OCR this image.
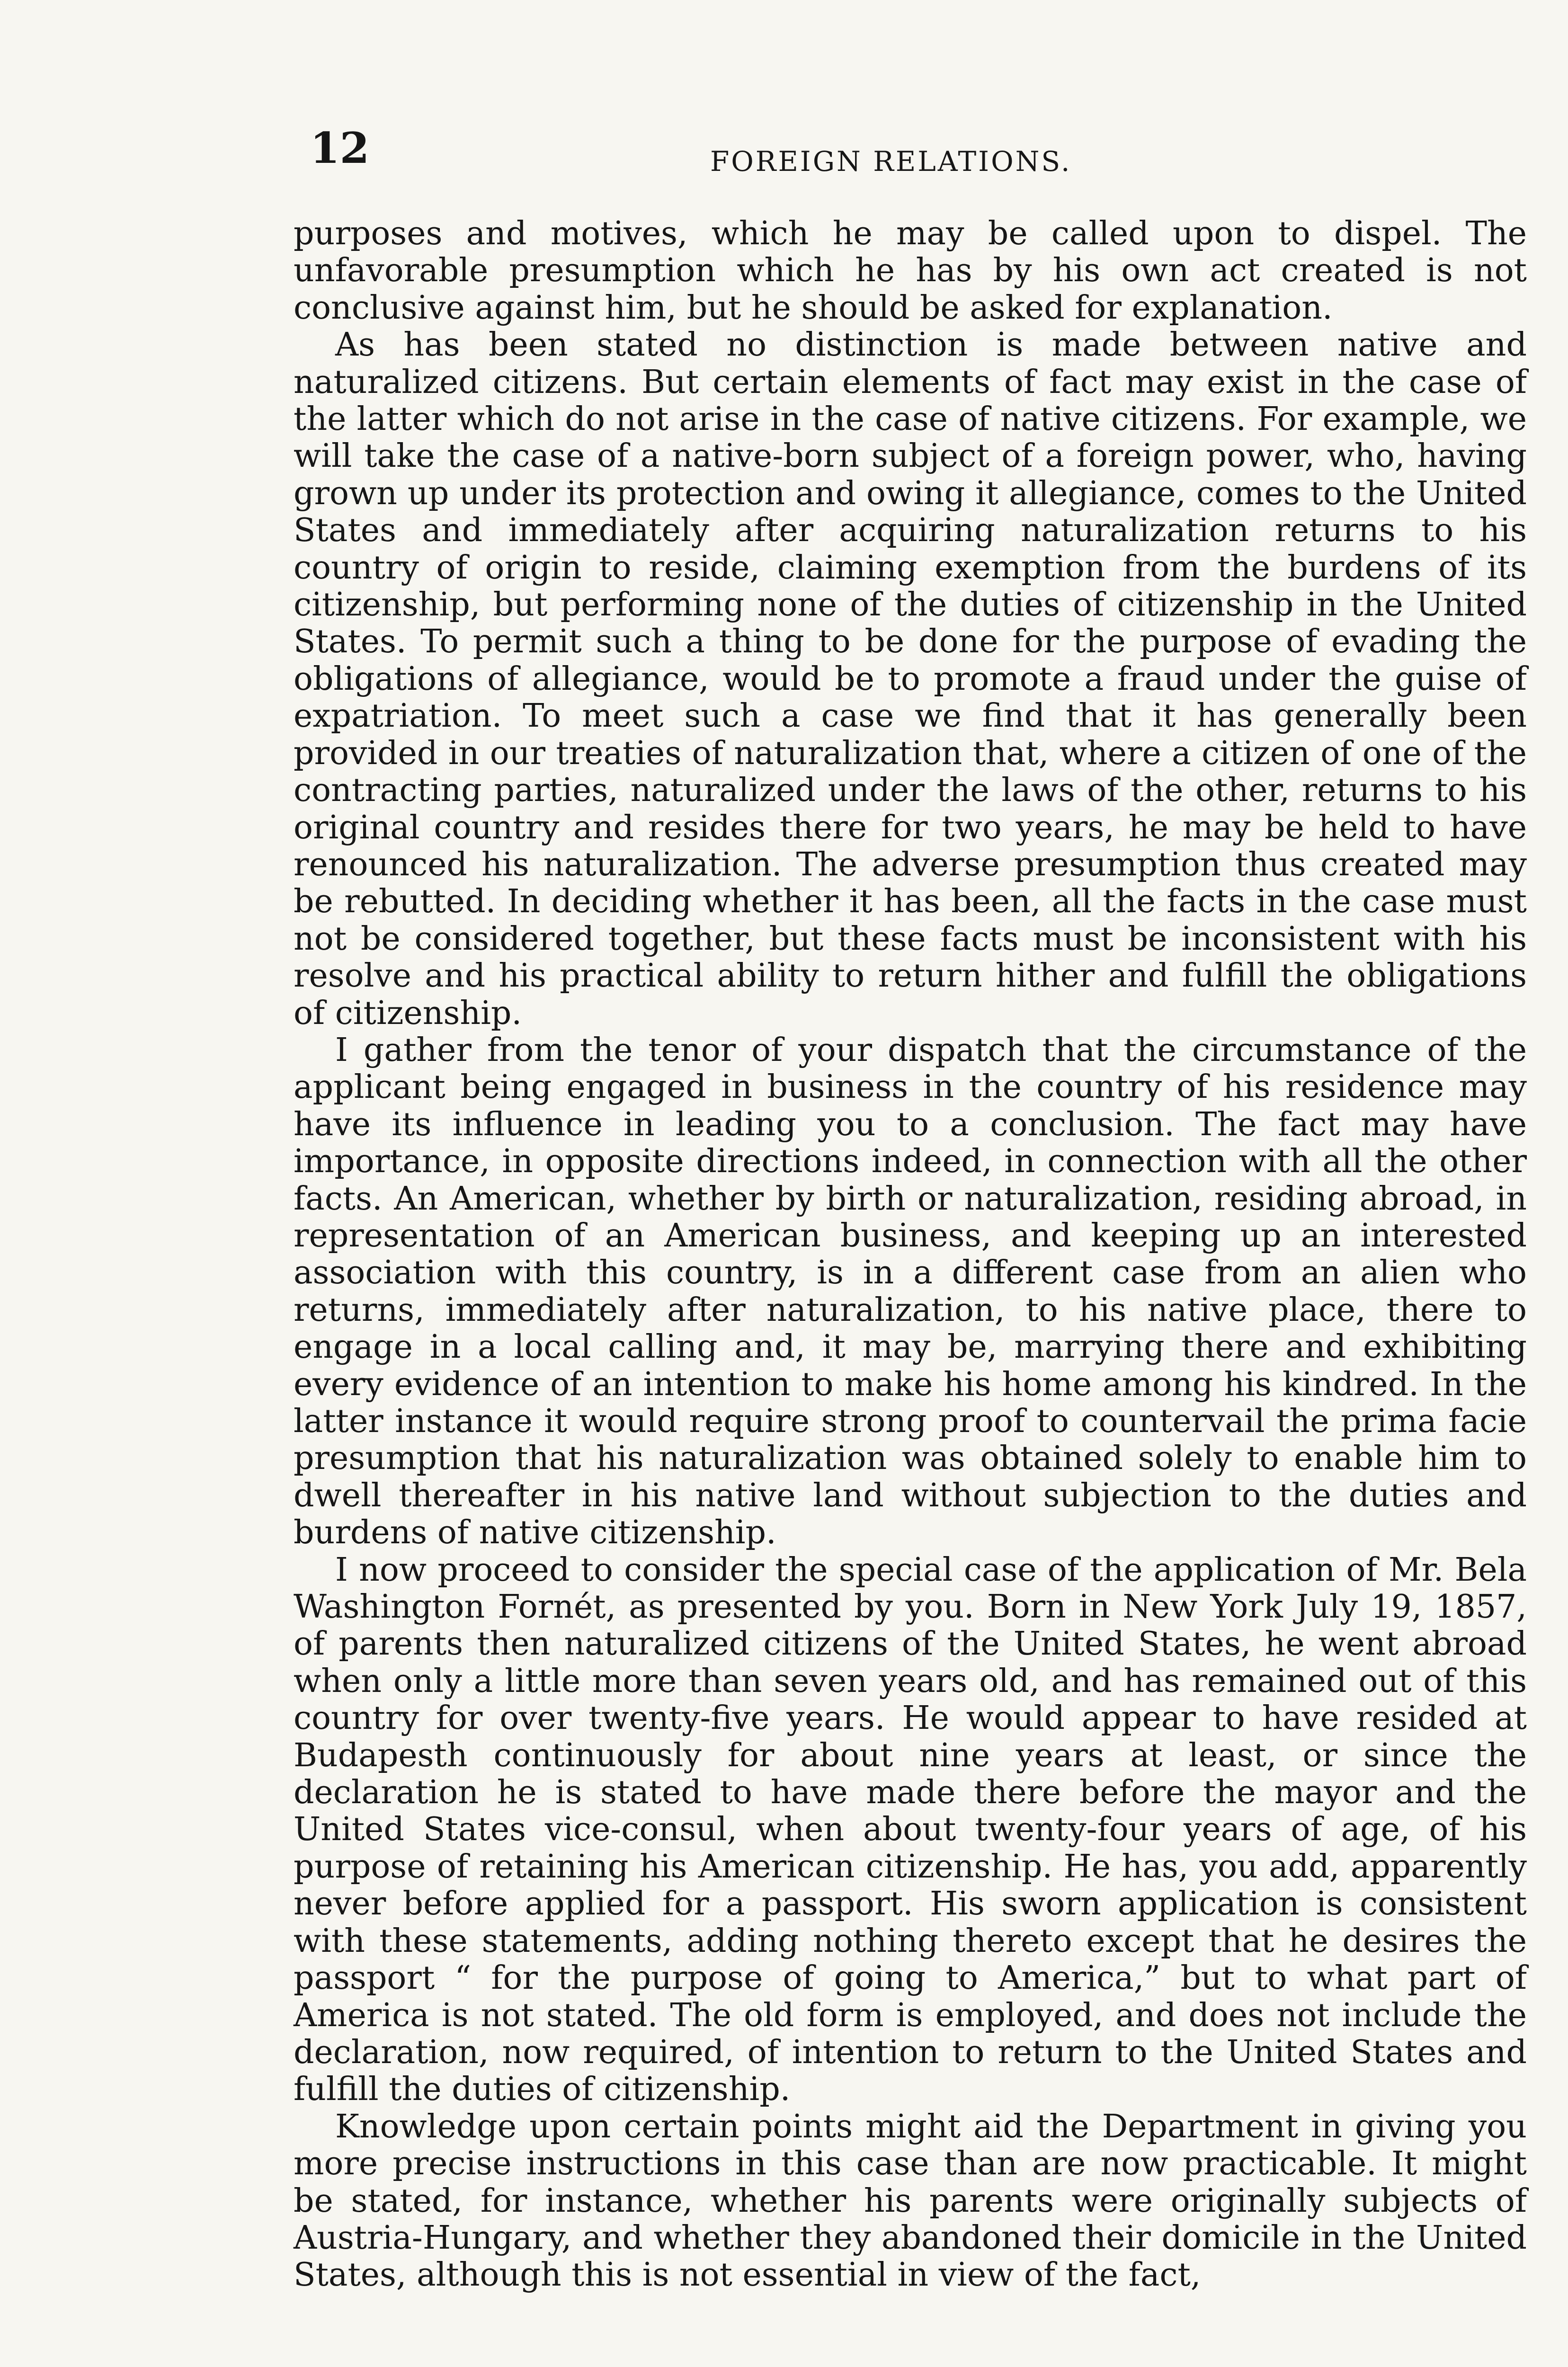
12	FOREIGN RELATIONS.

purposes and motives, which he may be called upon to dispel. The unfavorable presumption which he has by his own act created is not conclusive against him, but he should be asked for explanation.

As has been stated no distinction is made between native and naturalized citizens. But certain elements of fact may exist in the case of the latter which do not arise in the case of native citizens. For example, we will take the case of a native-born subject of a foreign power, who, having grown up under its protection and owing it allegiance, comes to the United States and immediately after acquiring naturalization returns to his country of origin to reside, claiming exemption from the burdens of its citizenship, but performing none of the duties of citizenship in the United States. To permit such a thing to be done for the purpose of evading the obligations of allegiance, would be to promote a fraud under the guise of expatriation. To meet such a case we find that it has generally been provided in our treaties of naturalization that, where a citizen of one of the contracting parties, naturalized under the laws of the other, returns to his original country and resides there for two years, he may be held to have renounced his naturalization. The adverse presumption thus created may be rebutted. In deciding whether it has been, all the facts in the case must not be considered together, but these facts must be inconsistent with his resolve and his practical ability to return hither and fulfill the obligations of citizenship.

I gather from the tenor of your dispatch that the circumstance of the applicant being engaged in business in the country of his residence may have its influence in leading you to a conclusion. The fact may have importance, in opposite directions indeed, in connection with all the other facts. An American, whether by birth or naturalization, residing abroad, in representation of an American business, and keeping up an interested association with this country, is in a different case from an alien who returns, immediately after naturalization, to his native place, there to engage in a local calling and, it may be, marrying there and exhibiting every evidence of an intention to make his home among his kindred. In the latter instance it would require strong proof to countervail the prima facie presumption that his naturalization was obtained solely to enable him to dwell thereafter in his native land without subjection to the duties and burdens of native citizenship.

I now proceed to consider the special case of the application of Mr. Bela Washington Fornét, as presented by you. Born in New York July 19, 1857, of parents then naturalized citizens of the United States, he went abroad when only a little more than seven years old, and has remained out of this country for over twenty-five years. He would appear to have resided at Budapesth continuously for about nine years at least, or since the declaration he is stated to have made there before the mayor and the United States vice-consul, when about twenty-four years of age, of his purpose of retaining his American citizenship. He has, you add, apparently never before applied for a passport. His sworn application is consistent with these statements, adding nothing thereto except that he desires the passport “ for the purpose of going to America,” but to what part of America is not stated. The old form is employed, and does not include the declaration, now required, of intention to return to the United States and fulfill the duties of citizenship.

Knowledge upon certain points might aid the Department in giving you more precise instructions in this case than are now practicable. It might be stated, for instance, whether his parents were originally subjects of Austria-Hungary, and whether they abandoned their domicile in the United States, although this is not essential in view of the fact,
